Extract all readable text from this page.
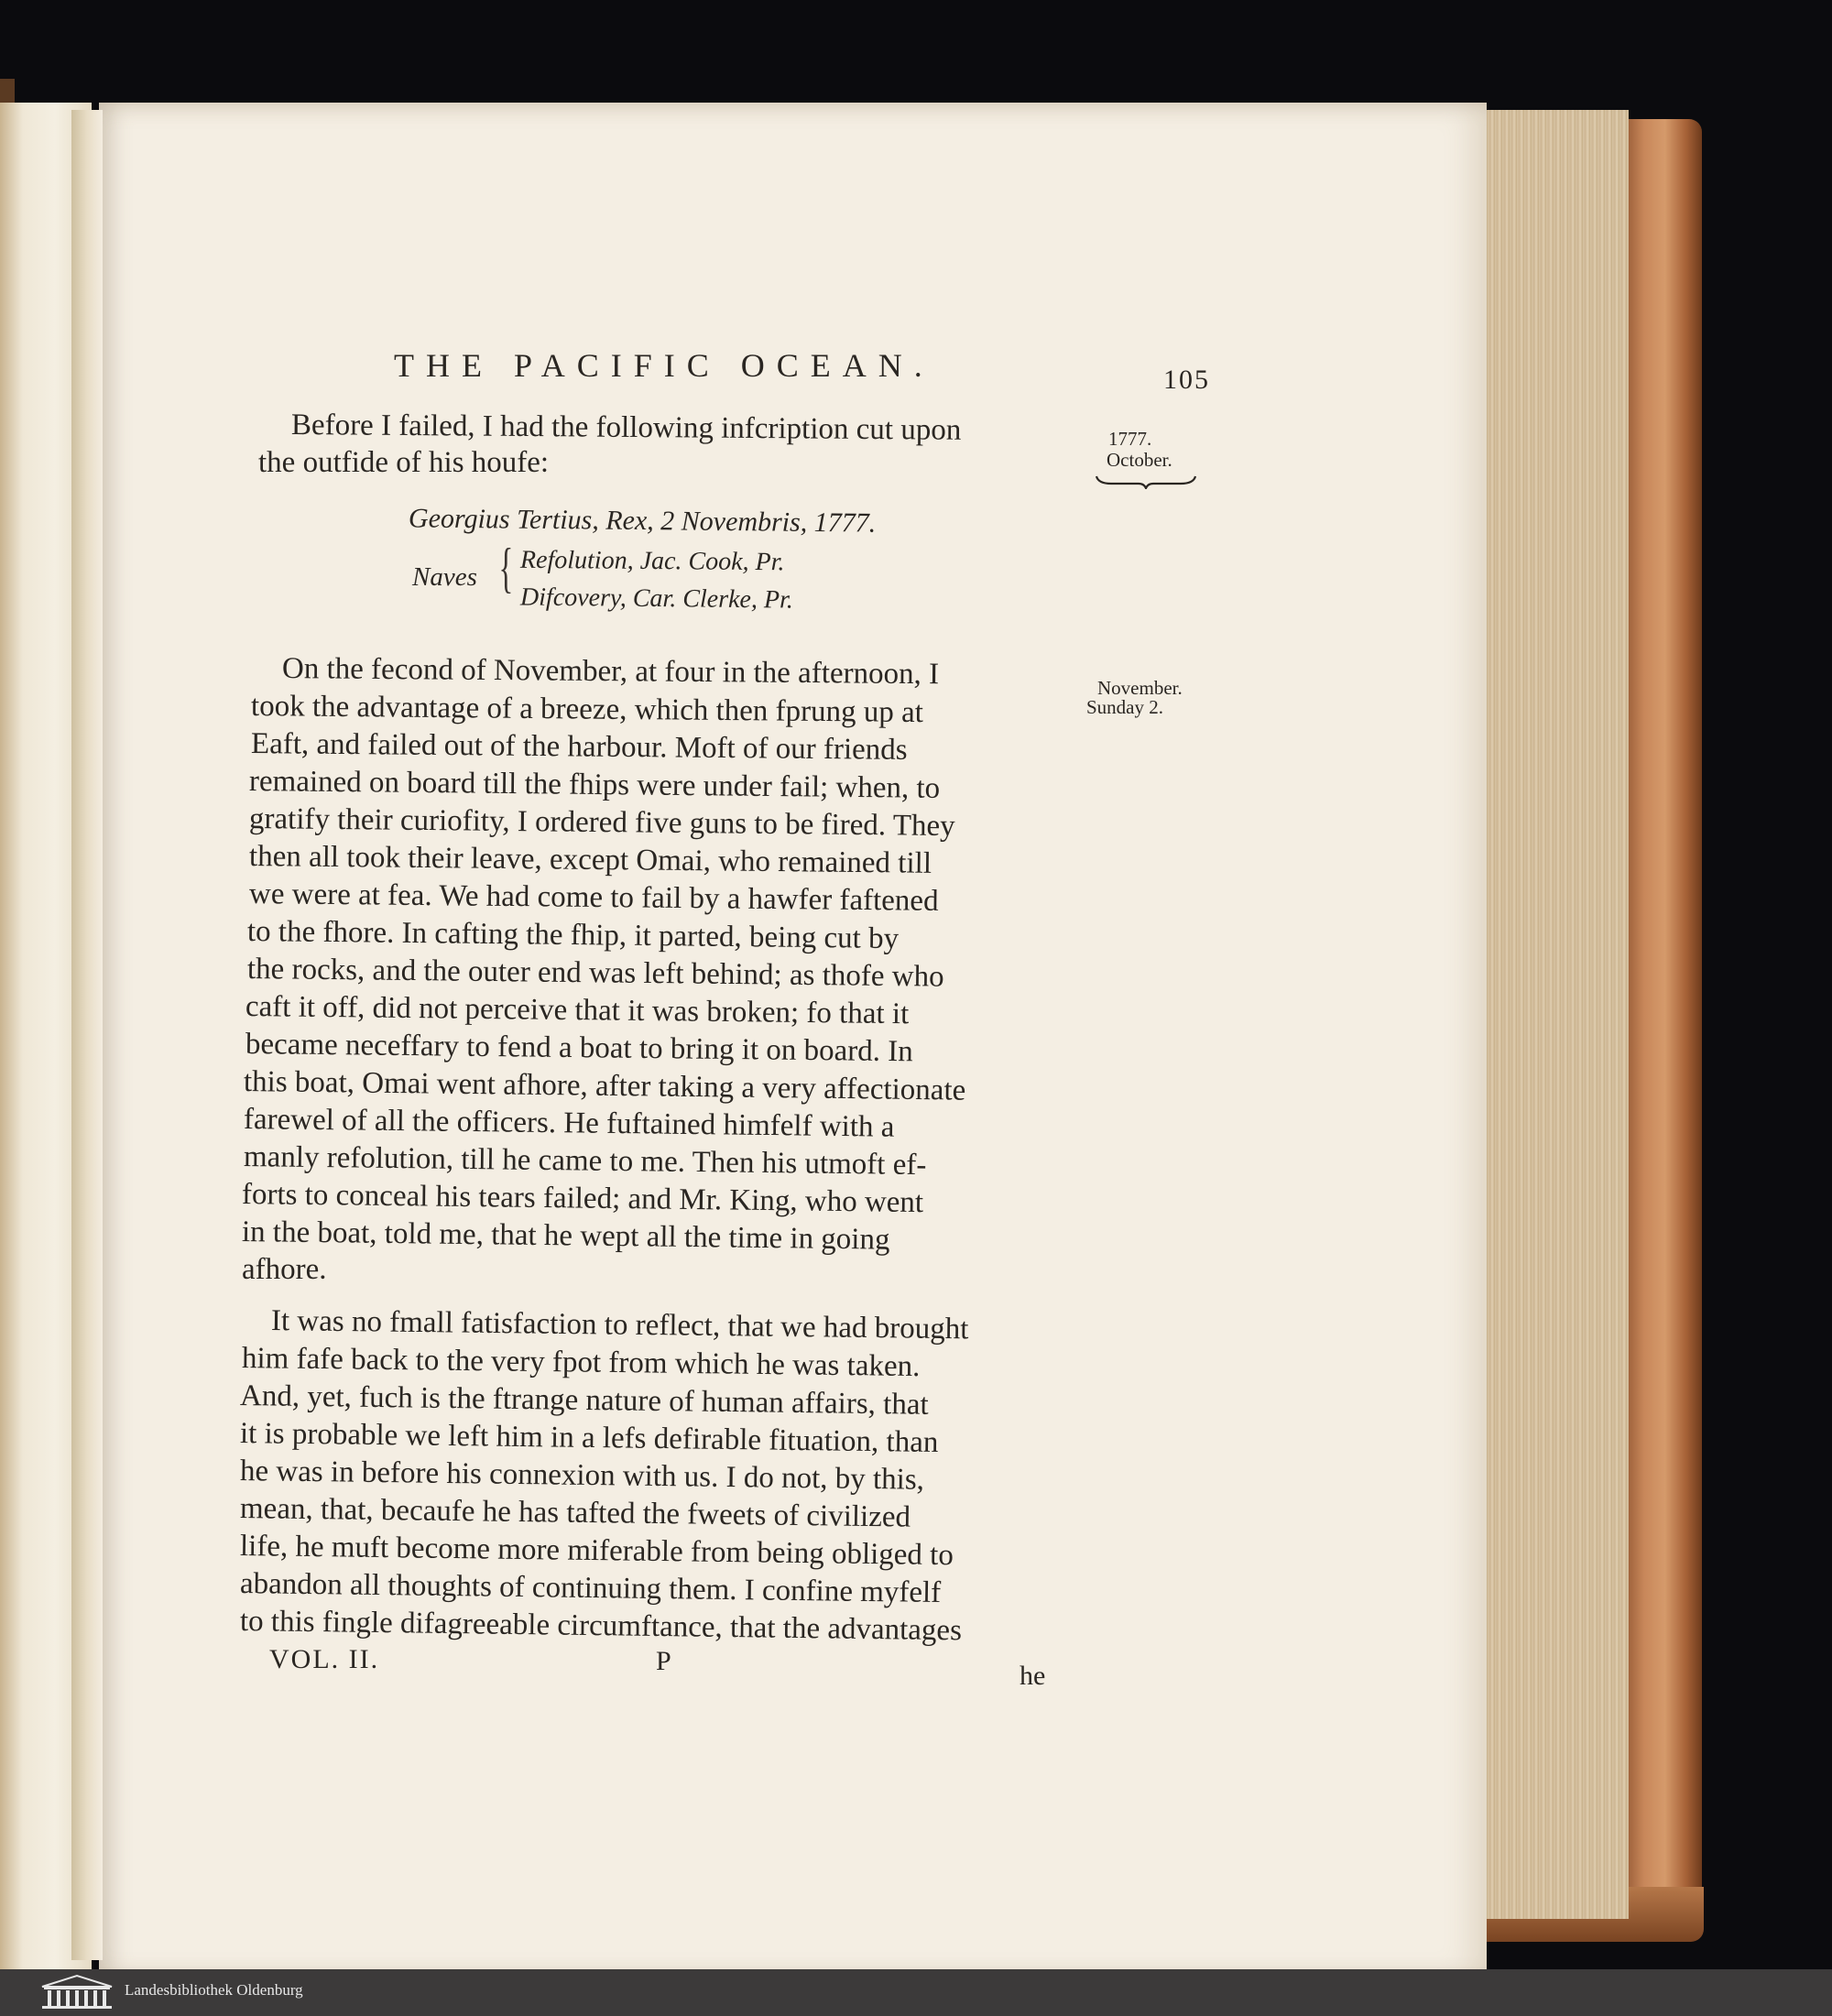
THE PACIFIC OCEAN.	105
1777.
October.
November.
Sunday 2.
Before I failed, I had the following infcription cut upon
the outfide of his houfe:
Georgius Tertius, Rex, 2 Novembris, 1777.
Naves { Refolution, Jac. Cook, Pr.
Difcovery, Car. Clerke, Pr.
On the fecond of November, at four in the afternoon, I
took the advantage of a breeze, which then fprung up at
Eaft, and failed out of the harbour. Moft of our friends
remained on board till the fhips were under fail; when, to
gratify their curiofity, I ordered five guns to be fired. They
then all took their leave, except Omai, who remained till
we were at fea. We had come to fail by a hawfer faftened
to the fhore. In cafting the fhip, it parted, being cut by
the rocks, and the outer end was left behind; as thofe who
caft it off, did not perceive that it was broken; fo that it
became neceffary to fend a boat to bring it on board. In
this boat, Omai went afhore, after taking a very affectionate
farewel of all the officers. He fuftained himfelf with a
manly refolution, till he came to me. Then his utmoft ef-
forts to conceal his tears failed; and Mr. King, who went
in the boat, told me, that he wept all the time in going
afhore.
It was no fmall fatisfaction to reflect, that we had brought
him fafe back to the very fpot from which he was taken.
And, yet, fuch is the ftrange nature of human affairs, that
it is probable we left him in a lefs defirable fituation, than
he was in before his connexion with us. I do not, by this,
mean, that, becaufe he has tafted the fweets of civilized
life, he muft become more miferable from being obliged to
abandon all thoughts of continuing them. I confine myfelf
to this fingle difagreeable circumftance, that the advantages
VOL. II.	P	he
Landesbibliothek Oldenburg
